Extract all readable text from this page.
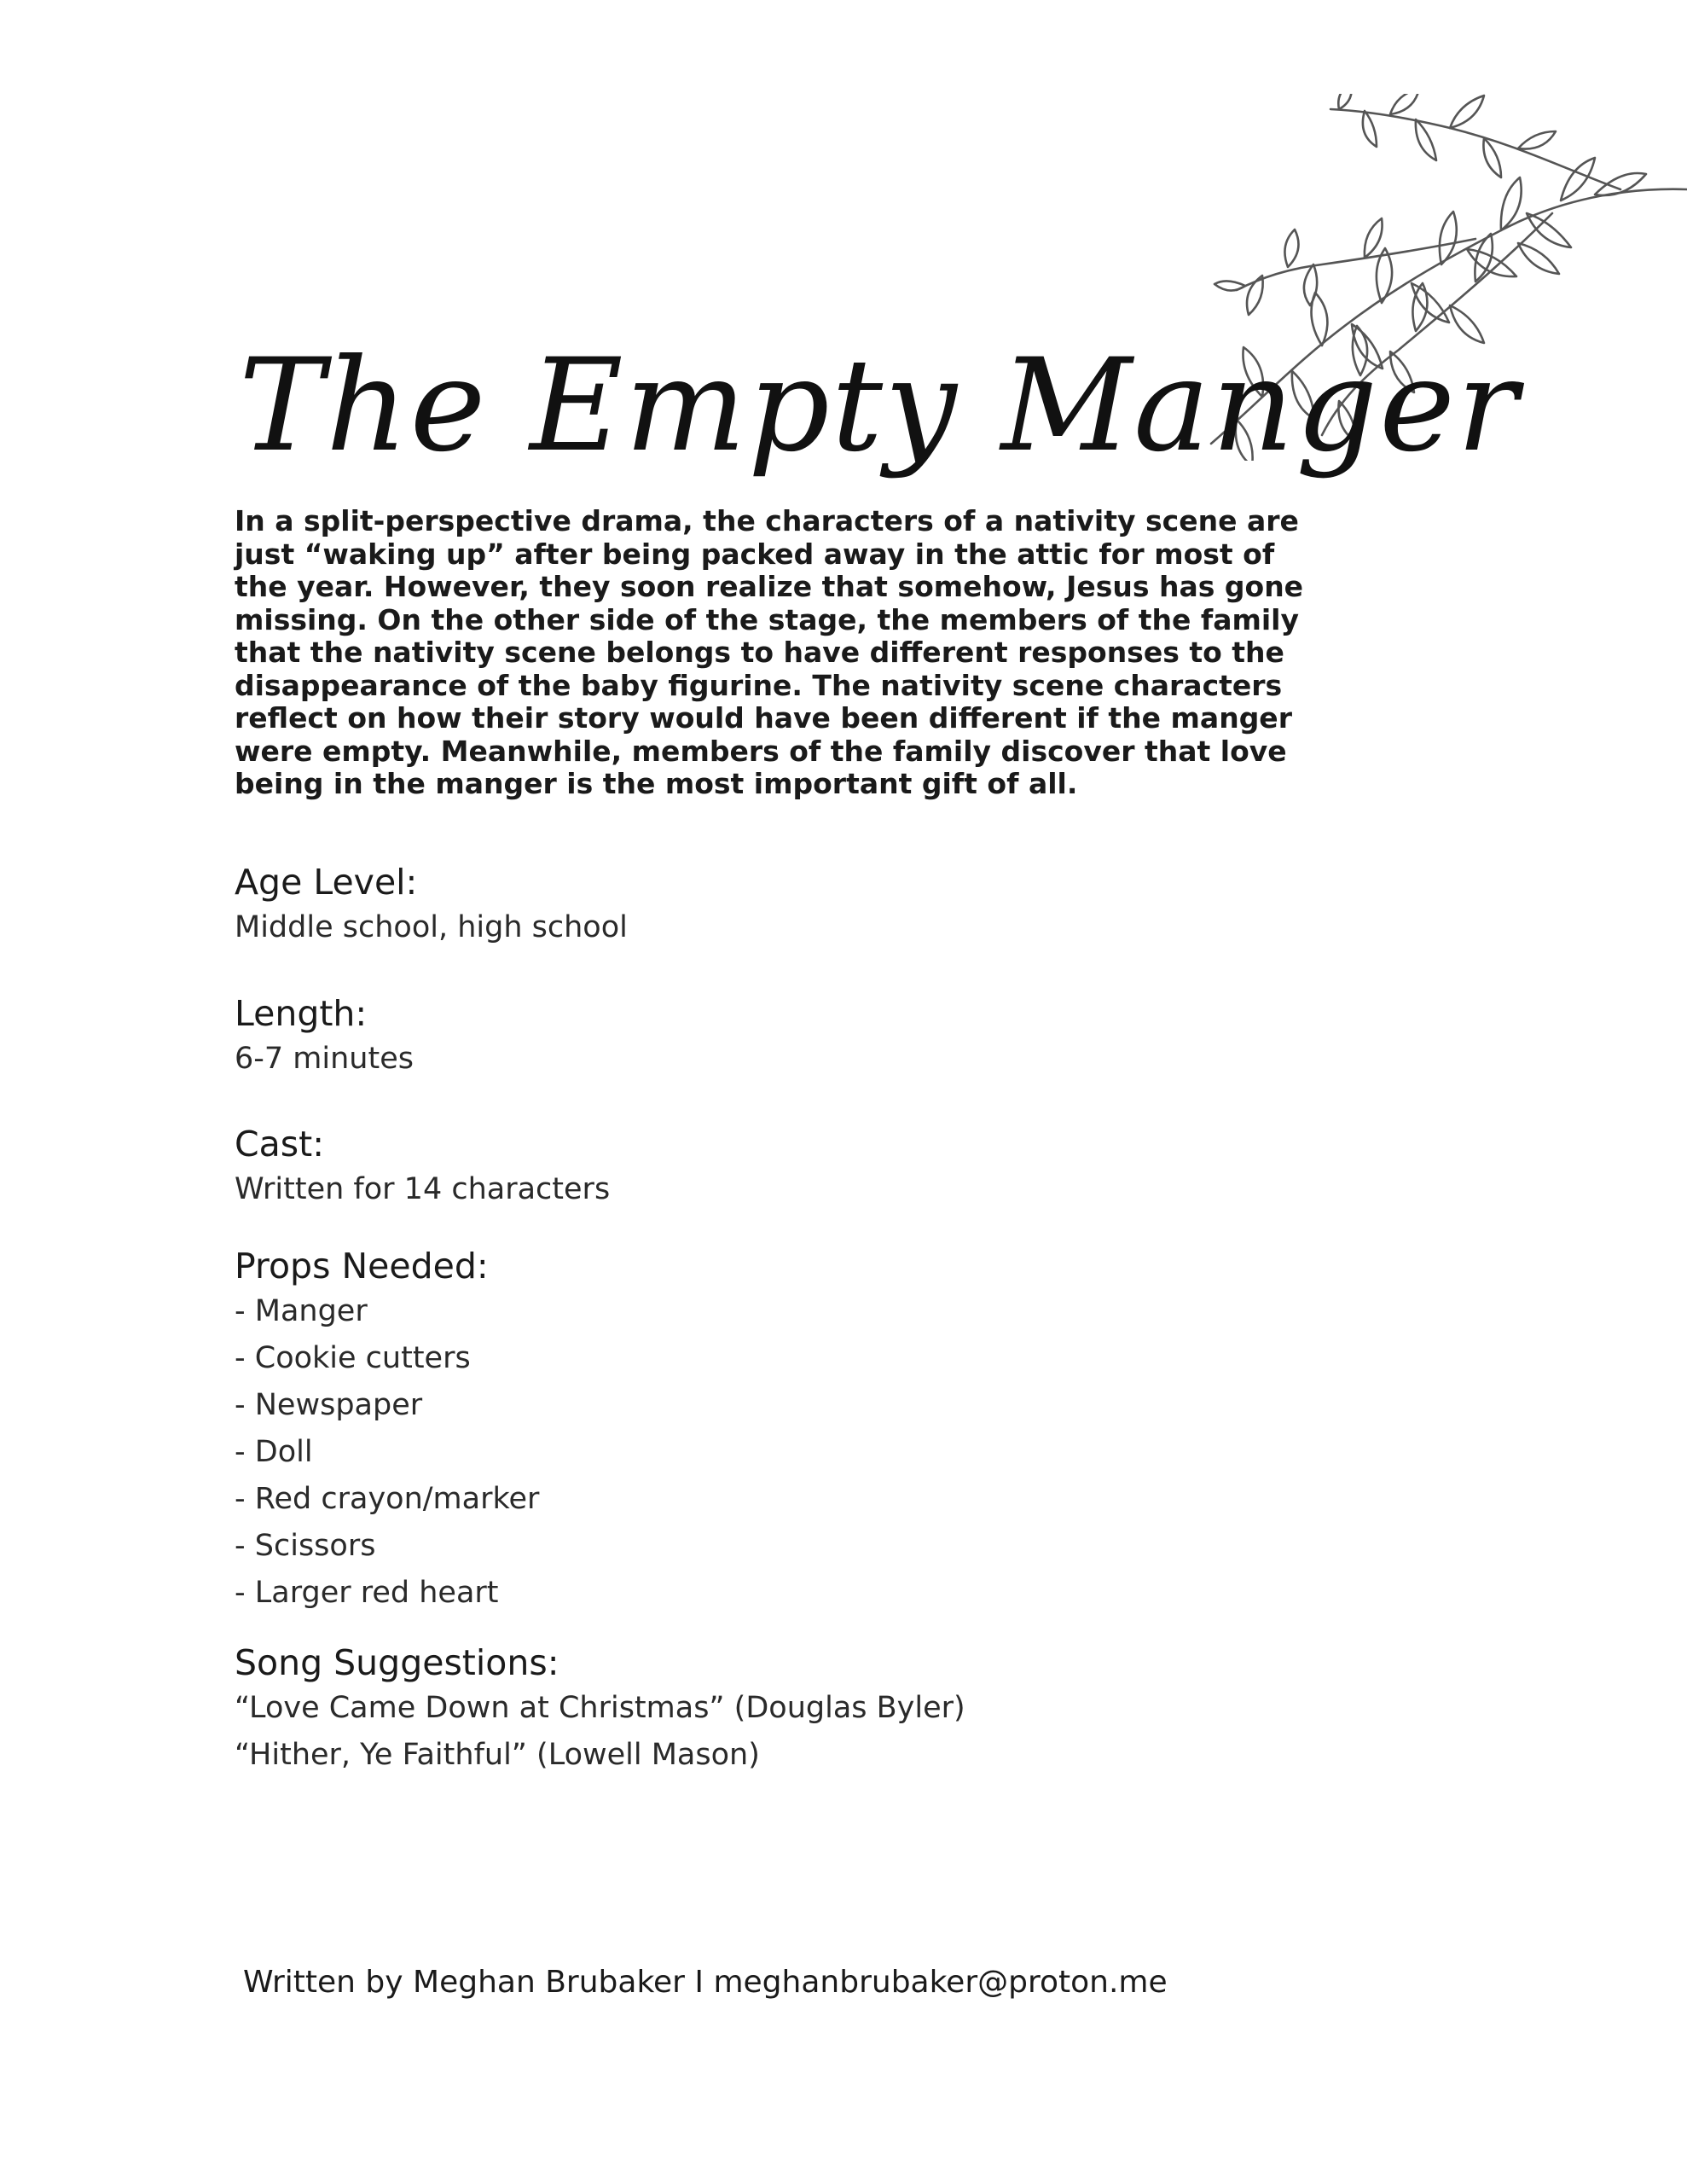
The Empty Manger

In a split-perspective drama, the characters of a nativity scene are just “waking up” after being packed away in the attic for most of the year. However, they soon realize that somehow, Jesus has gone missing. On the other side of the stage, the members of the family that the nativity scene belongs to have different responses to the disappearance of the baby figurine. The nativity scene characters reflect on how their story would have been different if the manger were empty. Meanwhile, members of the family discover that love being in the manger is the most important gift of all.

Age Level:

Middle school, high school

Length:

6-7 minutes

Cast:

Written for 14 characters

Props Needed:
- Manger
- Cookie cutters
- Newspaper
- Doll
- Red crayon/marker
- Scissors
- Larger red heart
Song Suggestions:
“Love Came Down at Christmas” (Douglas Byler)
“Hither, Ye Faithful” (Lowell Mason)
Written by Meghan Brubaker I meghanbrubaker@proton.me
